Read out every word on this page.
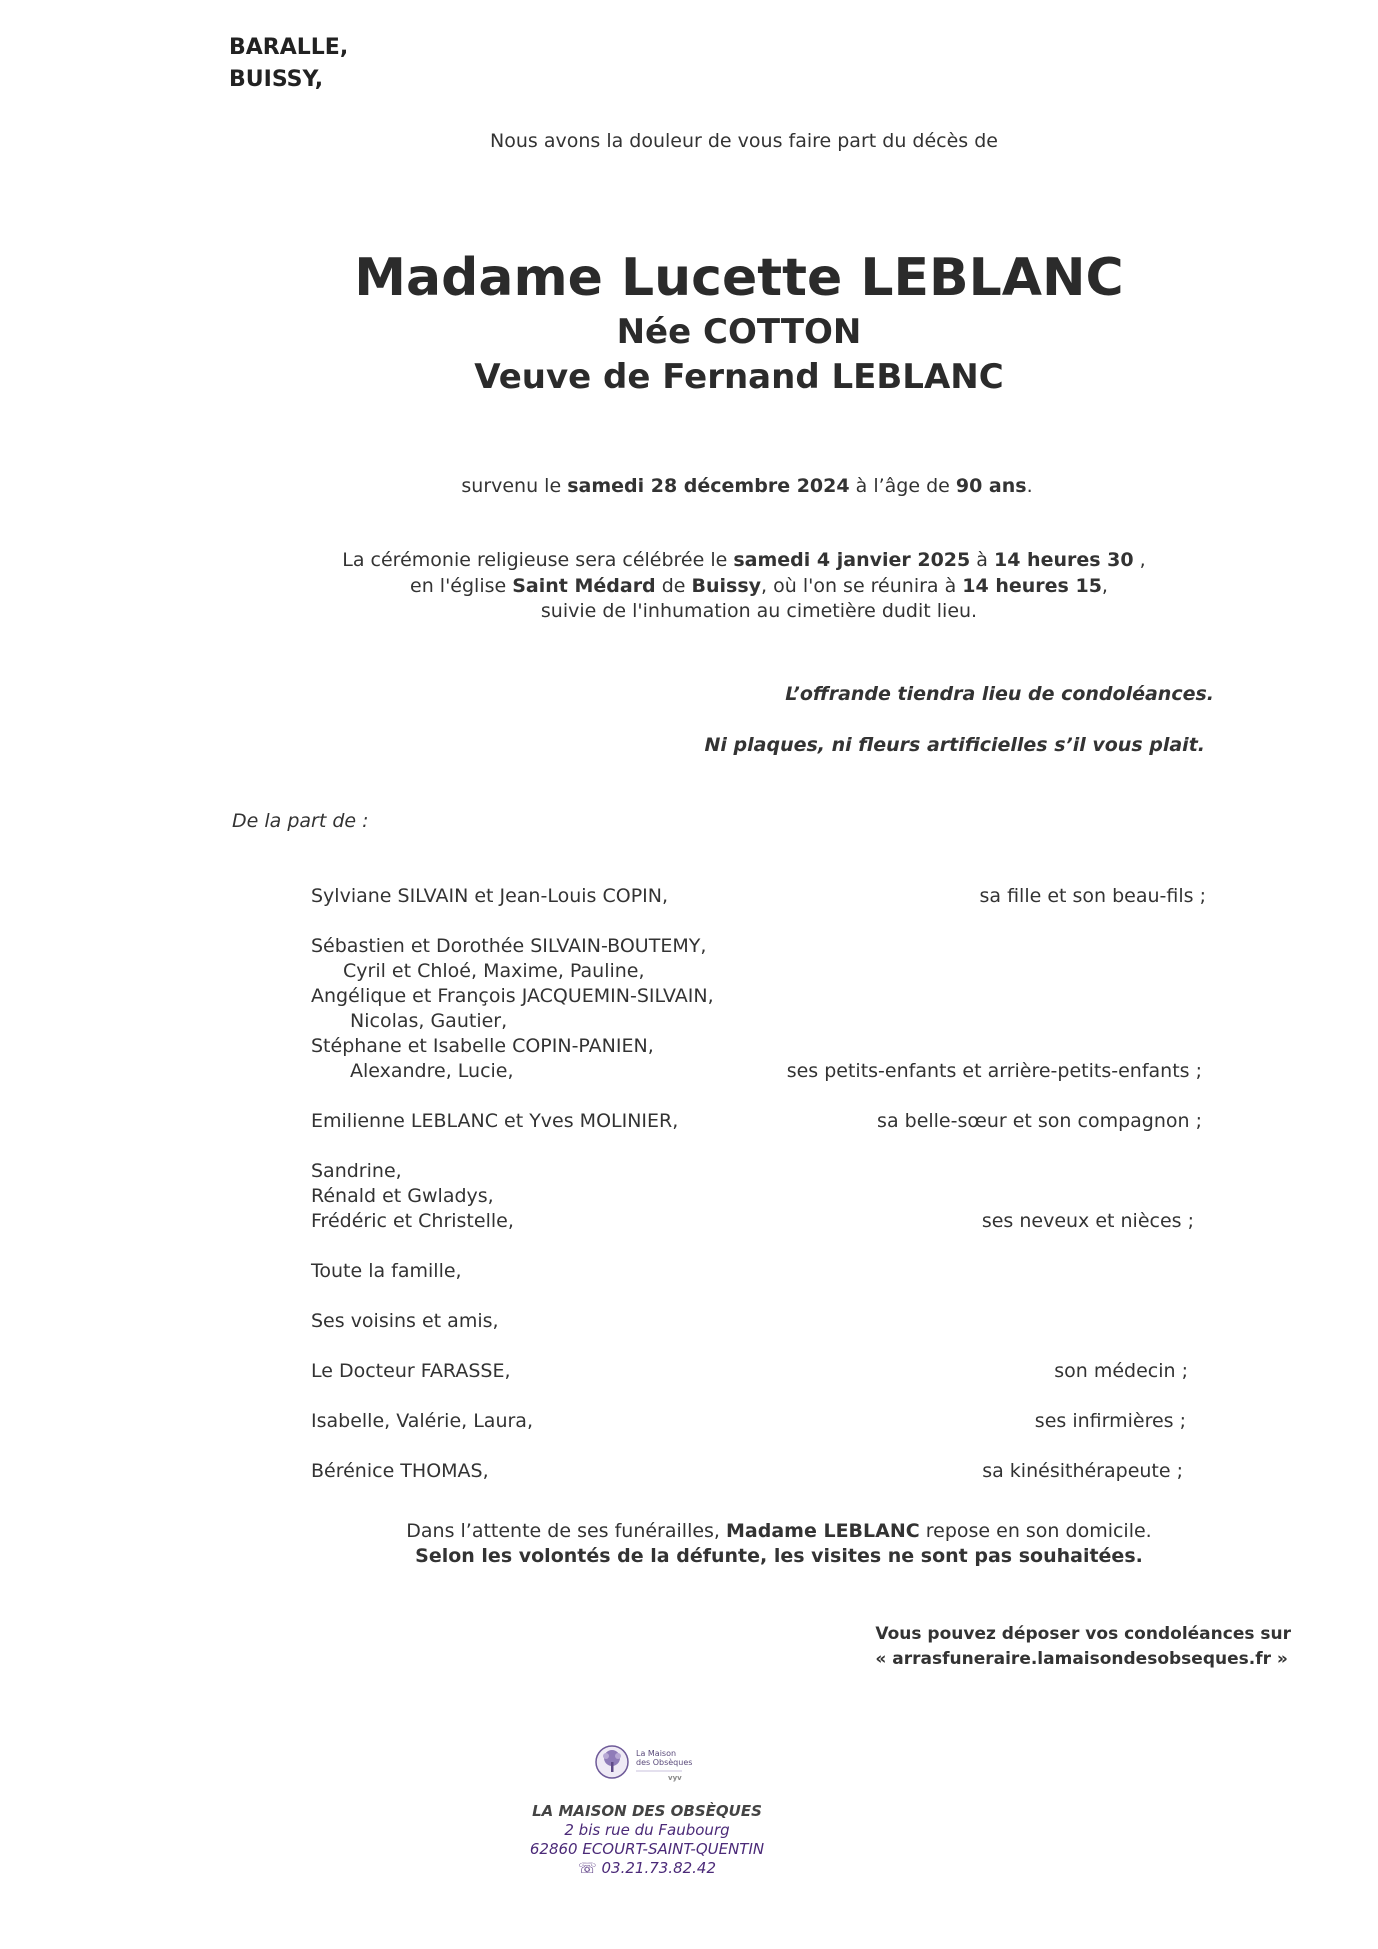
BARALLE,
BUISSY,
Nous avons la douleur de vous faire part du décès de
Madame Lucette LEBLANC
Née COTTON
Veuve de Fernand LEBLANC
survenu le samedi 28 décembre 2024 à l’âge de 90 ans.
La cérémonie religieuse sera célébrée le samedi 4 janvier 2025 à 14 heures 30 ,
en l'église Saint Médard de Buissy, où l'on se réunira à 14 heures 15,
suivie de l'inhumation au cimetière dudit lieu.
L’offrande tiendra lieu de condoléances.
Ni plaques, ni fleurs artificielles s’il vous plait.
De la part de :
Sylviane SILVAIN et Jean-Louis COPIN,	sa fille et son beau-fils ;
Sébastien et Dorothée SILVAIN-BOUTEMY,
Cyril et Chloé, Maxime, Pauline,
Angélique et François JACQUEMIN-SILVAIN,
Nicolas, Gautier,
Stéphane et Isabelle COPIN-PANIEN,
Alexandre, Lucie,	ses petits-enfants et arrière-petits-enfants ;
Emilienne LEBLANC et Yves MOLINIER,	sa belle-sœur et son compagnon ;
Sandrine,
Rénald et Gwladys,
Frédéric et Christelle,	ses neveux et nièces ;
Toute la famille,
Ses voisins et amis,
Le Docteur FARASSE,	son médecin ;
Isabelle, Valérie, Laura,	ses infirmières ;
Bérénice THOMAS,	sa kinésithérapeute ;
Dans l’attente de ses funérailles, Madame LEBLANC repose en son domicile.
Selon les volontés de la défunte, les visites ne sont pas souhaitées.
Vous pouvez déposer vos condoléances sur
« arrasfuneraire.lamaisondesobseques.fr »
La Maison
des Obsèques
vyv
LA MAISON DES OBSÈQUES
2 bis rue du Faubourg
62860 ECOURT-SAINT-QUENTIN
☏ 03.21.73.82.42
